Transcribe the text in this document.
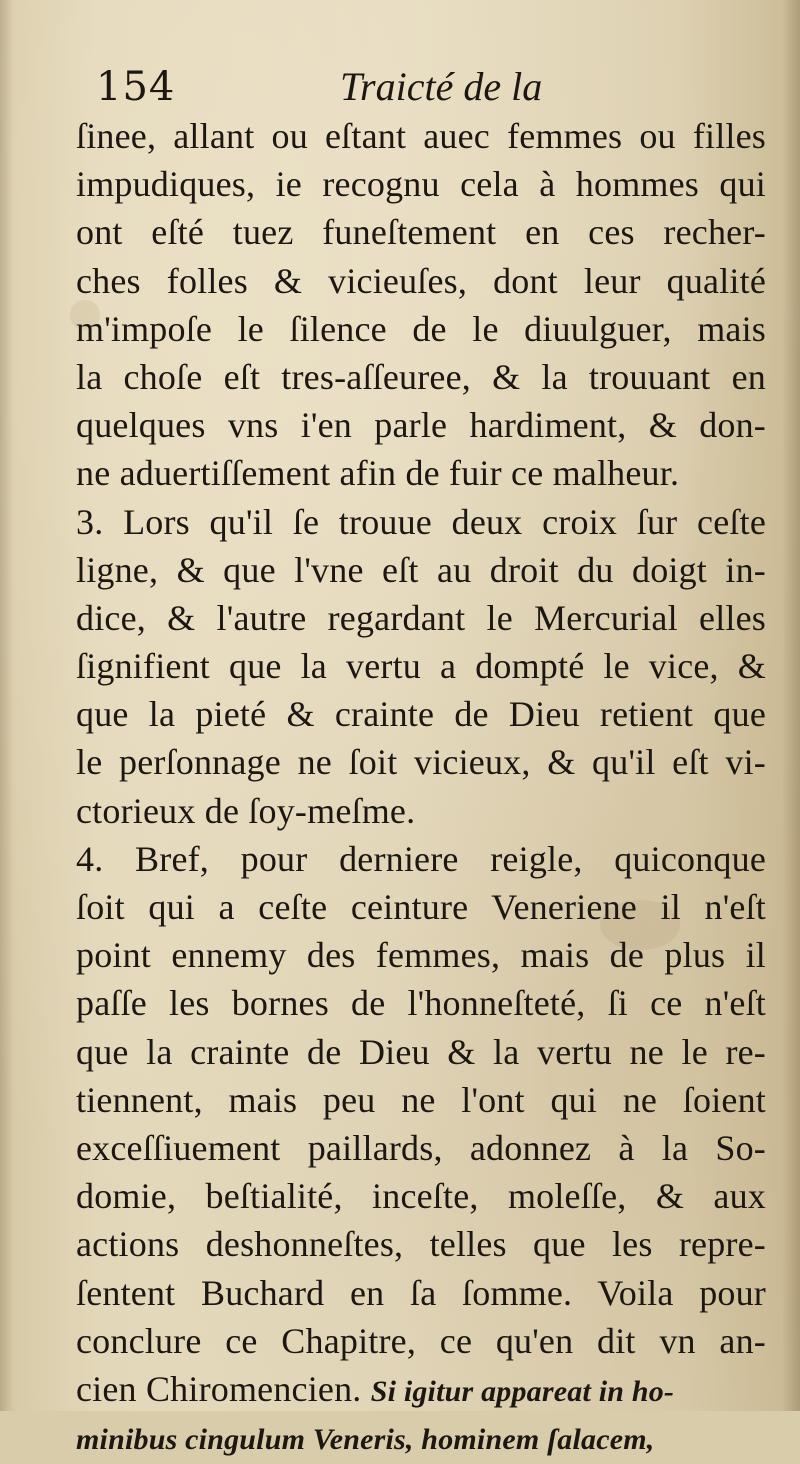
154	Traicté de la
ſinee, allant ou eſtant auec femmes ou filles
impudiques, ie recognu cela à hommes qui
ont eſté tuez funeſtement en ces recher-
ches folles & vicieuſes, dont leur qualité
m'impoſe le ſilence de le diuulguer, mais
la choſe eſt tres-aſſeuree, & la trouuant en
quelques vns i'en parle hardiment, & don-
ne aduertiſſement afin de fuir ce malheur.
3. Lors qu'il ſe trouue deux croix ſur ceſte
ligne, & que l'vne eſt au droit du doigt in-
dice, & l'autre regardant le Mercurial elles
ſignifient que la vertu a dompté le vice, &
que la pieté & crainte de Dieu retient que
le perſonnage ne ſoit vicieux, & qu'il eſt vi-
ctorieux de ſoy-meſme.
4. Bref, pour derniere reigle, quiconque
ſoit qui a ceſte ceinture Veneriene il n'eſt
point ennemy des femmes, mais de plus il
paſſe les bornes de l'honneſteté, ſi ce n'eſt
que la crainte de Dieu & la vertu ne le re-
tiennent, mais peu ne l'ont qui ne ſoient
exceſſiuement paillards, adonnez à la So-
domie, beſtialité, inceſte, moleſſe, & aux
actions deshonneſtes, telles que les repre-
ſentent Buchard en ſa ſomme. Voila pour
conclure ce Chapitre, ce qu'en dit vn an-
cien Chiromencien. Si igitur appareat in ho-
minibus cingulum Veneris, hominem ſalacem,
